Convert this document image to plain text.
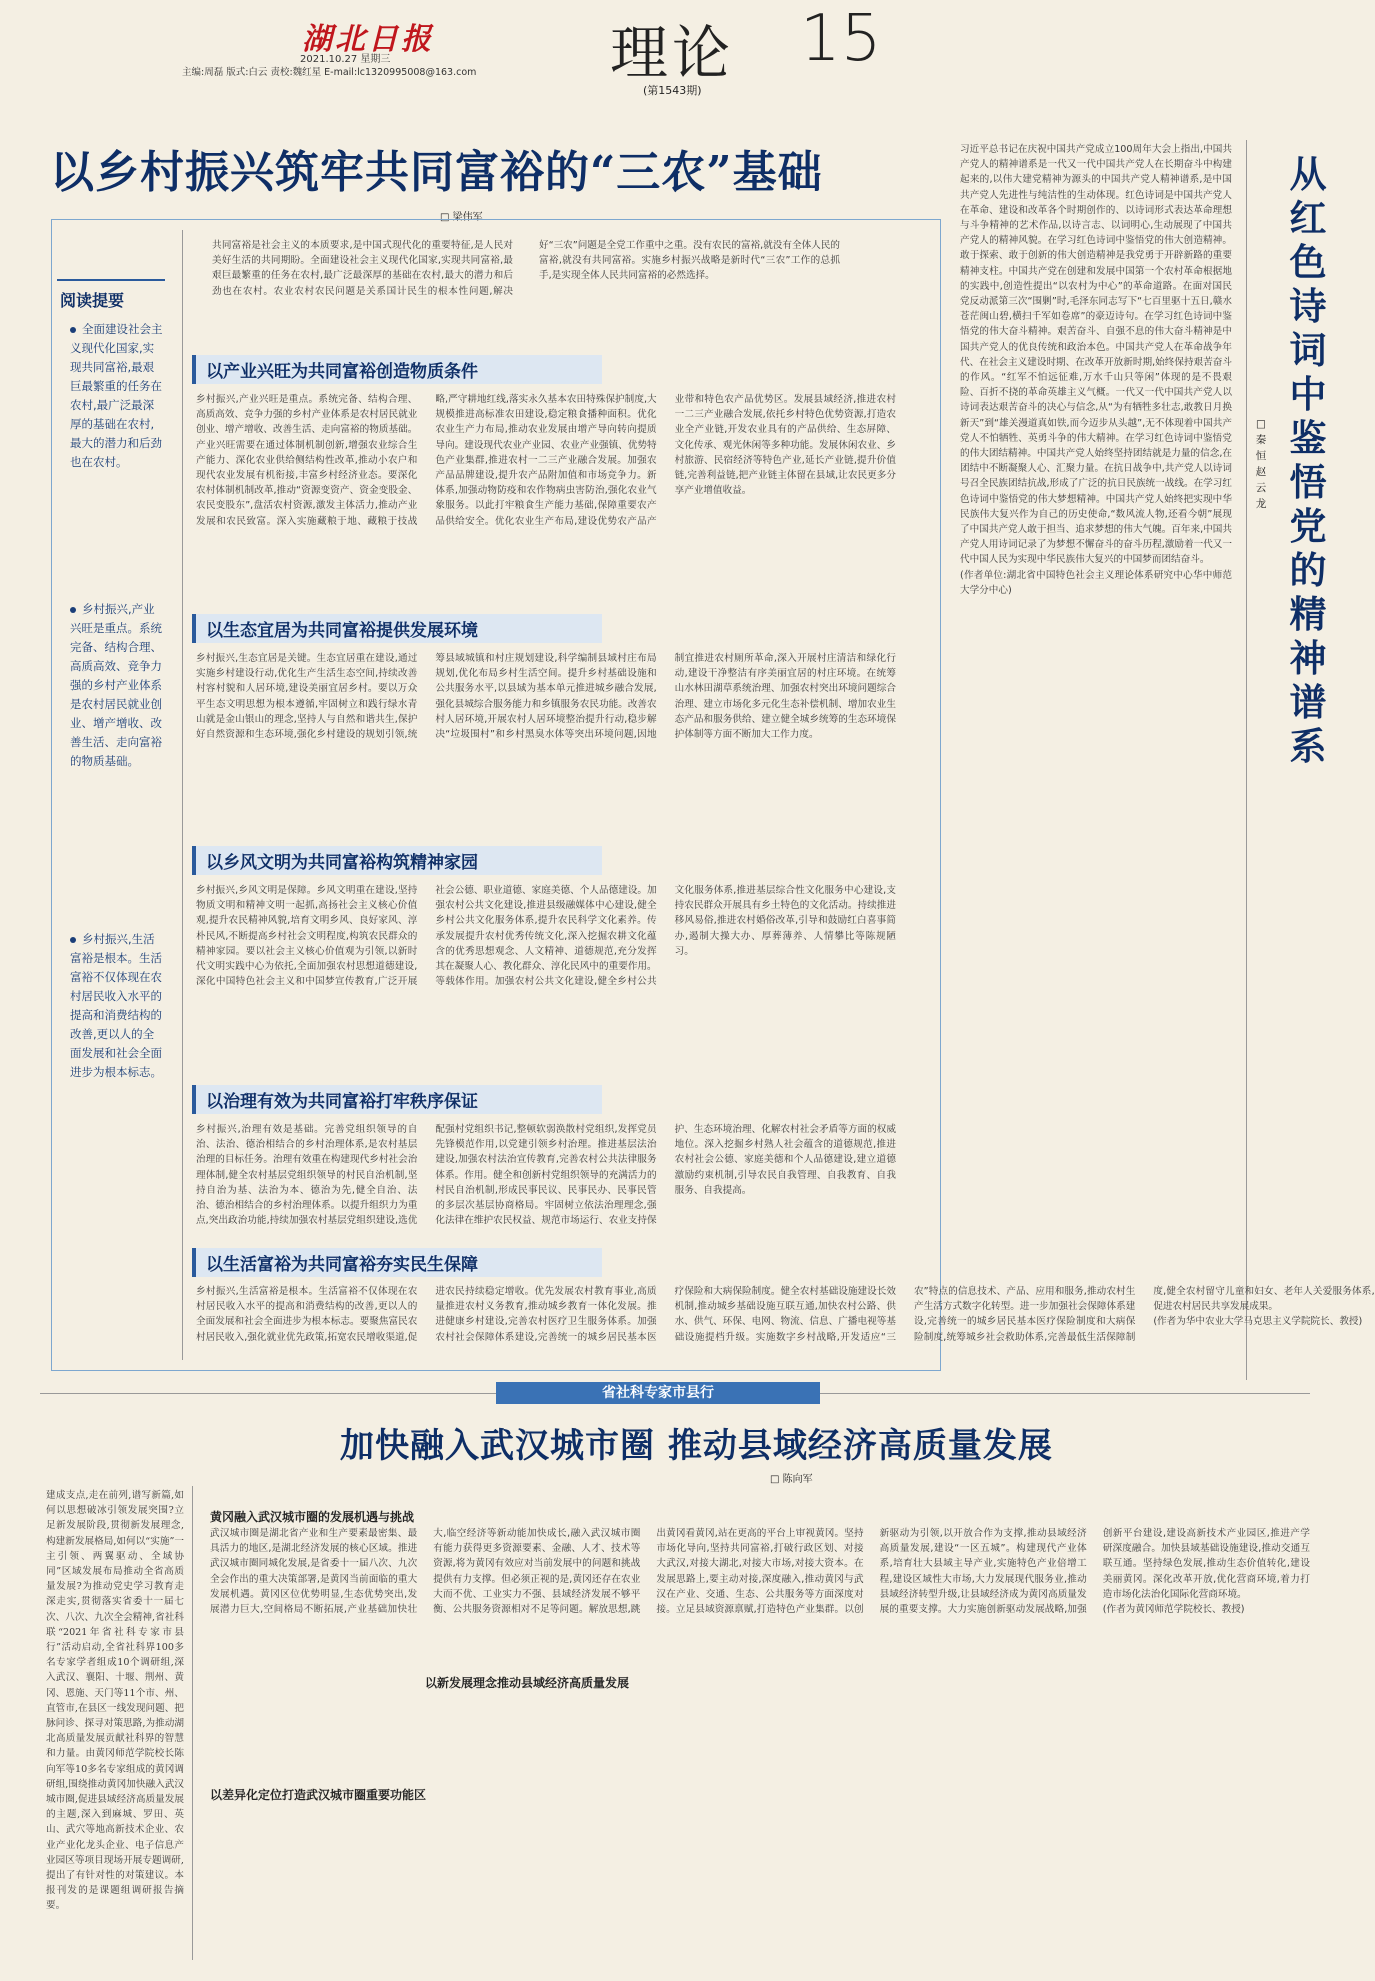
湖北日报
2021.10.27 星期三
主编:周磊 版式:白云 责校:魏红星 E-mail:lc1320995008@163.com 理论 15
(第1543期)
以乡村振兴筑牢共同富裕的“三农”基础
□ 梁伟军
阅读提要
全面建设社会主义现代化国家,实现共同富裕,最艰巨最繁重的任务在农村,最广泛最深厚的基础在农村,最大的潜力和后劲也在农村。
乡村振兴,产业兴旺是重点。系统完备、结构合理、高质高效、竞争力强的乡村产业体系是农村居民就业创业、增产增收、改善生活、走向富裕的物质基础。
乡村振兴,生活富裕是根本。生活富裕不仅体现在农村居民收入水平的提高和消费结构的改善,更以人的全面发展和社会全面进步为根本标志。
共同富裕是社会主义的本质要求,是中国式现代化的重要特征,是人民对美好生活的共同期盼。全面建设社会主义现代化国家,实现共同富裕,最艰巨最繁重的任务在农村,最广泛最深厚的基础在农村,最大的潜力和后劲也在农村。农业农村农民问题是关系国计民生的根本性问题,解决好“三农”问题是全党工作重中之重。没有农民的富裕,就没有全体人民的富裕,就没有共同富裕。实施乡村振兴战略是新时代“三农”工作的总抓手,是实现全体人民共同富裕的必然选择。
以产业兴旺为共同富裕创造物质条件
乡村振兴,产业兴旺是重点。系统完备、结构合理、高质高效、竞争力强的乡村产业体系是农村居民就业创业、增产增收、改善生活、走向富裕的物质基础。产业兴旺需要在通过体制机制创新,增强农业综合生产能力、深化农业供给侧结构性改革,推动小农户和现代农业发展有机衔接,丰富乡村经济业态。要深化农村体制机制改革,推动“资源变资产、资金变股金、农民变股东”,盘活农村资源,激发主体活力,推动产业发展和农民致富。深入实施藏粮于地、藏粮于技战略,严守耕地红线,落实永久基本农田特殊保护制度,大规模推进高标准农田建设,稳定粮食播种面积。优化农业生产力布局,推动农业发展由增产导向转向提质导向。建设现代农业产业园、农业产业强镇、优势特色产业集群,推进农村一二三产业融合发展。加强农产品品牌建设,提升农产品附加值和市场竞争力。新体系,加强动物防疫和农作物病虫害防治,强化农业气象服务。以此打牢粮食生产能力基础,保障重要农产品供给安全。优化农业生产布局,建设优势农产品产业带和特色农产品优势区。发展县域经济,推进农村一二三产业融合发展,依托乡村特色优势资源,打造农业全产业链,开发农业具有的产品供给、生态屏障、文化传承、观光休闲等多种功能。发展休闲农业、乡村旅游、民宿经济等特色产业,延长产业链,提升价值链,完善利益链,把产业链主体留在县域,让农民更多分享产业增值收益。
以生态宜居为共同富裕提供发展环境
乡村振兴,生态宜居是关键。生态宜居重在建设,通过实施乡村建设行动,优化生产生活生态空间,持续改善村容村貌和人居环境,建设美丽宜居乡村。要以万众平生态文明思想为根本遵循,牢固树立和践行绿水青山就是金山银山的理念,坚持人与自然和谐共生,保护好自然资源和生态环境,强化乡村建设的规划引领,统筹县域城镇和村庄规划建设,科学编制县域村庄布局规划,优化布局乡村生活空间。提升乡村基础设施和公共服务水平,以县域为基本单元推进城乡融合发展,强化县城综合服务能力和乡镇服务农民功能。改善农村人居环境,开展农村人居环境整治提升行动,稳步解决“垃圾围村”和乡村黑臭水体等突出环境问题,因地制宜推进农村厕所革命,深入开展村庄清洁和绿化行动,建设干净整洁有序美丽宜居的村庄环境。在统筹山水林田湖草系统治理、加强农村突出环境问题综合治理、建立市场化多元化生态补偿机制、增加农业生态产品和服务供给、建立健全城乡统筹的生态环境保护体制等方面不断加大工作力度。
以乡风文明为共同富裕构筑精神家园
乡村振兴,乡风文明是保障。乡风文明重在建设,坚持物质文明和精神文明一起抓,高扬社会主义核心价值观,提升农民精神风貌,培育文明乡风、良好家风、淳朴民风,不断提高乡村社会文明程度,构筑农民群众的精神家园。要以社会主义核心价值观为引领,以新时代文明实践中心为依托,全面加强农村思想道德建设,深化中国特色社会主义和中国梦宣传教育,广泛开展社会公德、职业道德、家庭美德、个人品德建设。加强农村公共文化建设,推进县级融媒体中心建设,健全乡村公共文化服务体系,提升农民科学文化素养。传承发展提升农村优秀传统文化,深入挖掘农耕文化蕴含的优秀思想观念、人文精神、道德规范,充分发挥其在凝聚人心、教化群众、淳化民风中的重要作用。等载体作用。加强农村公共文化建设,健全乡村公共文化服务体系,推进基层综合性文化服务中心建设,支持农民群众开展具有乡土特色的文化活动。持续推进移风易俗,推进农村婚俗改革,引导和鼓励红白喜事简办,遏制大操大办、厚葬薄养、人情攀比等陈规陋习。
以治理有效为共同富裕打牢秩序保证
乡村振兴,治理有效是基础。完善党组织领导的自治、法治、德治相结合的乡村治理体系,是农村基层治理的目标任务。治理有效重在构建现代乡村社会治理体制,健全农村基层党组织领导的村民自治机制,坚持自治为基、法治为本、德治为先,健全自治、法治、德治相结合的乡村治理体系。以提升组织力为重点,突出政治功能,持续加强农村基层党组织建设,选优配强村党组织书记,整顿软弱涣散村党组织,发挥党员先锋模范作用,以党建引领乡村治理。推进基层法治建设,加强农村法治宣传教育,完善农村公共法律服务体系。作用。健全和创新村党组织领导的充满活力的村民自治机制,形成民事民议、民事民办、民事民管的多层次基层协商格局。牢固树立依法治理理念,强化法律在维护农民权益、规范市场运行、农业支持保护、生态环境治理、化解农村社会矛盾等方面的权威地位。深入挖掘乡村熟人社会蕴含的道德规范,推进农村社会公德、家庭美德和个人品德建设,建立道德激励约束机制,引导农民自我管理、自我教育、自我服务、自我提高。
习近平总书记在庆祝中国共产党成立100周年大会上指出,中国共产党人的精神谱系是一代又一代中国共产党人在长期奋斗中构建起来的,以伟大建党精神为源头的中国共产党人精神谱系,是中国共产党人先进性与纯洁性的生动体现。红色诗词是中国共产党人在革命、建设和改革各个时期创作的、以诗词形式表达革命理想与斗争精神的艺术作品,以诗言志、以词明心,生动展现了中国共产党人的精神风貌。在学习红色诗词中鉴悟党的伟大创造精神。敢于探索、敢于创新的伟大创造精神是我党勇于开辟新路的重要精神支柱。中国共产党在创建和发展中国第一个农村革命根据地的实践中,创造性提出“以农村为中心”的革命道路。在面对国民党反动派第三次“围剿”时,毛泽东同志写下“七百里驱十五日,赣水苍茫闽山碧,横扫千军如卷席”的豪迈诗句。在学习红色诗词中鉴悟党的伟大奋斗精神。艰苦奋斗、自强不息的伟大奋斗精神是中国共产党人的优良传统和政治本色。中国共产党人在革命战争年代、在社会主义建设时期、在改革开放新时期,始终保持艰苦奋斗的作风。“红军不怕远征难,万水千山只等闲”体现的是不畏艰险、百折不挠的革命英雄主义气概。一代又一代中国共产党人以诗词表达艰苦奋斗的决心与信念,从“为有牺牲多壮志,敢教日月换新天”到“雄关漫道真如铁,而今迈步从头越”,无不体现着中国共产党人不怕牺牲、英勇斗争的伟大精神。在学习红色诗词中鉴悟党的伟大团结精神。中国共产党人始终坚持团结就是力量的信念,在团结中不断凝聚人心、汇聚力量。在抗日战争中,共产党人以诗词号召全民族团结抗战,形成了广泛的抗日民族统一战线。在学习红色诗词中鉴悟党的伟大梦想精神。中国共产党人始终把实现中华民族伟大复兴作为自己的历史使命,“数风流人物,还看今朝”展现了中国共产党人敢于担当、追求梦想的伟大气魄。百年来,中国共产党人用诗词记录了为梦想不懈奋斗的奋斗历程,激励着一代又一代中国人民为实现中华民族伟大复兴的中国梦而团结奋斗。
(作者单位:湖北省中国特色社会主义理论体系研究中心华中师范大学分中心)
从红色诗词中鉴悟党的精神谱系
□ 秦恒 赵云龙
省社科专家市县行
加快融入武汉城市圈 推动县域经济高质量发展
□ 陈向军
建成支点,走在前列,谱写新篇,如何以思想破冰引领发展突围?立足新发展阶段,贯彻新发展理念,构建新发展格局,如何以“实施”一主引领、两翼驱动、全域协同”区域发展布局推动全省高质量发展?为推动党史学习教育走深走实,贯彻落实省委十一届七次、八次、九次全会精神,省社科联“2021年省社科专家市县行”活动启动,全省社科界100多名专家学者组成10个调研组,深入武汉、襄阳、十堰、荆州、黄冈、恩施、天门等11个市、州、直管市,在县区一线发现问题、把脉问诊、探寻对策思路,为推动湖北高质量发展贡献社科界的智慧和力量。由黄冈师范学院校长陈向军等10多名专家组成的黄冈调研组,围绕推动黄冈加快融入武汉城市圈,促进县域经济高质量发展的主题,深入到麻城、罗田、英山、武穴等地高新技术企业、农业产业化龙头企业、电子信息产业园区等项目现场开展专题调研,提出了有针对性的对策建议。本报刊发的是课题组调研报告摘要。
黄冈融入武汉城市圈的发展机遇与挑战
以差异化定位打造武汉城市圈重要功能区
以新发展理念推动县域经济高质量发展
武汉城市圈是湖北省产业和生产要素最密集、最具活力的地区,是湖北经济发展的核心区域。推进武汉城市圈同城化发展,是省委十一届八次、九次全会作出的重大决策部署,是黄冈当前面临的重大发展机遇。黄冈区位优势明显,生态优势突出,发展潜力巨大,空间格局不断拓展,产业基础加快壮大,临空经济等新动能加快成长,融入武汉城市圈有能力获得更多资源要素、金融、人才、技术等资源,将为黄冈有效应对当前发展中的问题和挑战提供有力支撑。但必须正视的是,黄冈还存在农业大而不优、工业实力不强、县域经济发展不够平衡、公共服务资源相对不足等问题。解放思想,跳出黄冈看黄冈,站在更高的平台上审视黄冈。坚持市场化导向,坚持共同富裕,打破行政区划、对接大武汉,对接大湖北,对接大市场,对接大资本。在发展思路上,要主动对接,深度融入,推动黄冈与武汉在产业、交通、生态、公共服务等方面深度对接。立足县域资源禀赋,打造特色产业集群。以创新驱动为引领,以开放合作为支撑,推动县域经济高质量发展,建设“一区五城”。构建现代产业体系,培育壮大县域主导产业,实施特色产业倍增工程,建设区域性大市场,大力发展现代服务业,推动县域经济转型升级,让县域经济成为黄冈高质量发展的重要支撑。大力实施创新驱动发展战略,加强创新平台建设,建设高新技术产业园区,推进产学研深度融合。加快县域基础设施建设,推动交通互联互通。坚持绿色发展,推动生态价值转化,建设美丽黄冈。深化改革开放,优化营商环境,着力打造市场化法治化国际化营商环境。
(作者为黄冈师范学院校长、教授)
以生活富裕为共同富裕夯实民生保障
乡村振兴,生活富裕是根本。生活富裕不仅体现在农村居民收入水平的提高和消费结构的改善,更以人的全面发展和社会全面进步为根本标志。要聚焦富民农村居民收入,强化就业优先政策,拓宽农民增收渠道,促进农民持续稳定增收。优先发展农村教育事业,高质量推进农村义务教育,推动城乡教育一体化发展。推进健康乡村建设,完善农村医疗卫生服务体系。加强农村社会保障体系建设,完善统一的城乡居民基本医疗保险和大病保险制度。健全农村基础设施建设长效机制,推动城乡基础设施互联互通,加快农村公路、供水、供气、环保、电网、物流、信息、广播电视等基础设施提档升级。实施数字乡村战略,开发适应“三农”特点的信息技术、产品、应用和服务,推动农村生产生活方式数字化转型。进一步加强社会保障体系建设,完善统一的城乡居民基本医疗保险制度和大病保险制度,统筹城乡社会救助体系,完善最低生活保障制度,健全农村留守儿童和妇女、老年人关爱服务体系,促进农村居民共享发展成果。
(作者为华中农业大学马克思主义学院院长、教授)
